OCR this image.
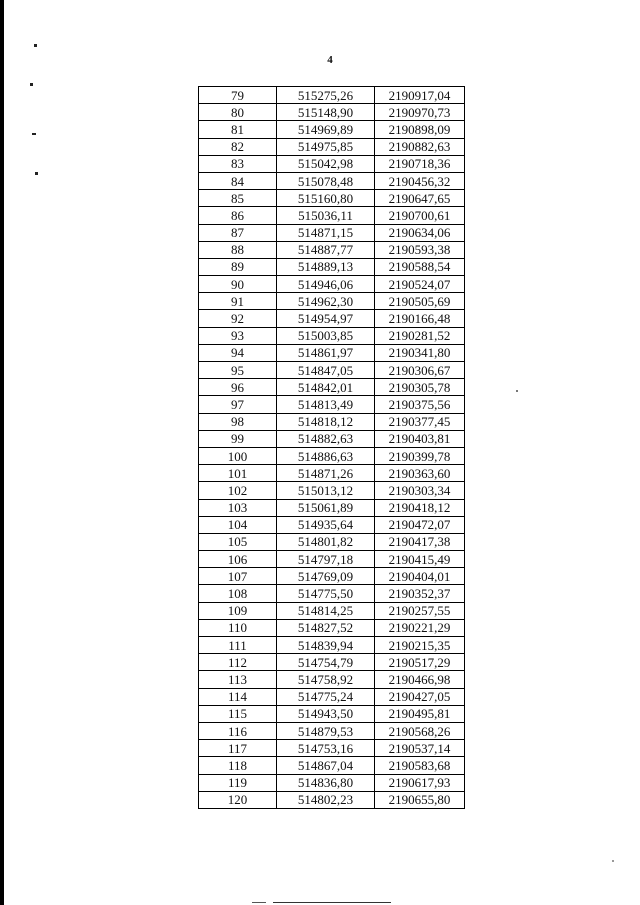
4
79	515275,26	2190917,04
80	515148,90	2190970,73
81	514969,89	2190898,09
82	514975,85	2190882,63
83	515042,98	2190718,36
84	515078,48	2190456,32
85	515160,80	2190647,65
86	515036,11	2190700,61
87	514871,15	2190634,06
88	514887,77	2190593,38
89	514889,13	2190588,54
90	514946,06	2190524,07
91	514962,30	2190505,69
92	514954,97	2190166,48
93	515003,85	2190281,52
94	514861,97	2190341,80
95	514847,05	2190306,67
96	514842,01	2190305,78
97	514813,49	2190375,56
98	514818,12	2190377,45
99	514882,63	2190403,81
100	514886,63	2190399,78
101	514871,26	2190363,60
102	515013,12	2190303,34
103	515061,89	2190418,12
104	514935,64	2190472,07
105	514801,82	2190417,38
106	514797,18	2190415,49
107	514769,09	2190404,01
108	514775,50	2190352,37
109	514814,25	2190257,55
110	514827,52	2190221,29
111	514839,94	2190215,35
112	514754,79	2190517,29
113	514758,92	2190466,98
114	514775,24	2190427,05
115	514943,50	2190495,81
116	514879,53	2190568,26
117	514753,16	2190537,14
118	514867,04	2190583,68
119	514836,80	2190617,93
120	514802,23	2190655,80
